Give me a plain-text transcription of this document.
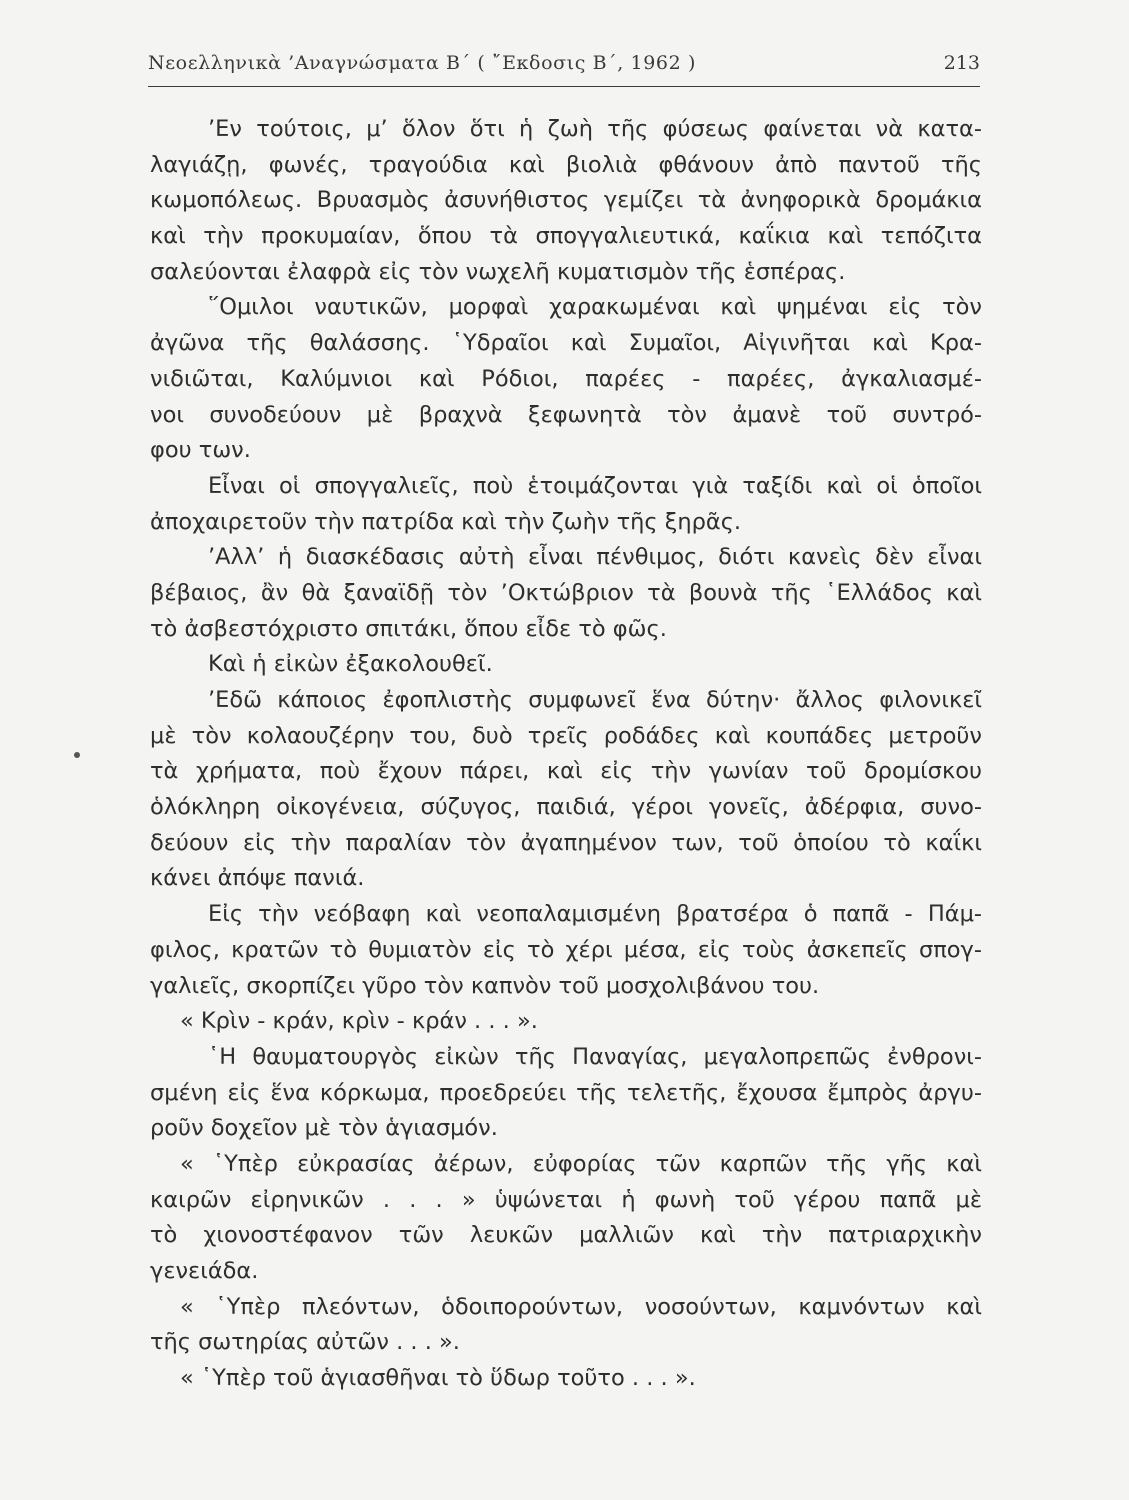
Νεοελληνικὰ ’Αναγνώσματα Β΄ ( ῎Εκδοσις Β΄, 1962 )	213
’Εν τούτοις, μ’ ὅλον ὅτι ἡ ζωὴ τῆς φύσεως φαίνεται νὰ κατα-
λαγιάζῃ, φωνές, τραγούδια καὶ βιολιὰ φθάνουν ἀπὸ παντοῦ τῆς
κωμοπόλεως. Βρυασμὸς ἀσυνήθιστος γεμίζει τὰ ἀνηφορικὰ δρομάκια
καὶ τὴν προκυμαίαν, ὅπου τὰ σπογγαλιευτικά, καΐκια καὶ τεπόζιτα
σαλεύονται ἐλαφρὰ εἰς τὸν νωχελῆ κυματισμὸν τῆς ἑσπέρας.
῞Ομιλοι ναυτικῶν, μορφαὶ χαρακωμέναι καὶ ψημέναι εἰς τὸν
ἀγῶνα τῆς θαλάσσης. ῾Υδραῖοι καὶ Συμαῖοι, Αἰγινῆται καὶ Κρα-
νιδιῶται, Καλύμνιοι καὶ Ρόδιοι, παρέες - παρέες, ἀγκαλιασμέ-
νοι συνοδεύουν μὲ βραχνὰ ξεφωνητὰ τὸν ἀμανὲ τοῦ συντρό-
φου των.
Εἶναι οἱ σπογγαλιεῖς, ποὺ ἑτοιμάζονται γιὰ ταξίδι καὶ οἱ ὁποῖοι
ἀποχαιρετοῦν τὴν πατρίδα καὶ τὴν ζωὴν τῆς ξηρᾶς.
’Αλλ’ ἡ διασκέδασις αὐτὴ εἶναι πένθιμος, διότι κανεὶς δὲν εἶναι
βέβαιος, ἂν θὰ ξαναϊδῇ τὸν ’Οκτώβριον τὰ βουνὰ τῆς ῾Ελλάδος καὶ
τὸ ἀσβεστόχριστο σπιτάκι, ὅπου εἶδε τὸ φῶς.
Καὶ ἡ εἰκὼν ἐξακολουθεῖ.
’Εδῶ κάποιος ἐφοπλιστὴς συμφωνεῖ ἕνα δύτην· ἄλλος φιλονικεῖ
μὲ τὸν κολαουζέρην του, δυὸ τρεῖς ροδάδες καὶ κουπάδες μετροῦν
τὰ χρήματα, ποὺ ἔχουν πάρει, καὶ εἰς τὴν γωνίαν τοῦ δρομίσκου
ὁλόκληρη οἰκογένεια, σύζυγος, παιδιά, γέροι γονεῖς, ἀδέρφια, συνο-
δεύουν εἰς τὴν παραλίαν τὸν ἀγαπημένον των, τοῦ ὁποίου τὸ καΐκι
κάνει ἀπόψε πανιά.
Εἰς τὴν νεόβαφη καὶ νεοπαλαμισμένη βρατσέρα ὁ παπᾶ - Πάμ-
φιλος, κρατῶν τὸ θυμιατὸν εἰς τὸ χέρι μέσα, εἰς τοὺς ἀσκεπεῖς σπογ-
γαλιεῖς, σκορπίζει γῦρο τὸν καπνὸν τοῦ μοσχολιβάνου του.
« Κρὶν - κράν, κρὶν - κράν . . . ».
῾Η θαυματουργὸς εἰκὼν τῆς Παναγίας, μεγαλοπρεπῶς ἐνθρονι-
σμένη εἰς ἕνα κόρκωμα, προεδρεύει τῆς τελετῆς, ἔχουσα ἔμπρὸς ἀργυ-
ροῦν δοχεῖον μὲ τὸν ἁγιασμόν.
« ῾Υπὲρ εὐκρασίας ἀέρων, εὐφορίας τῶν καρπῶν τῆς γῆς καὶ
καιρῶν εἰρηνικῶν . . . » ὑψώνεται ἡ φωνὴ τοῦ γέρου παπᾶ μὲ
τὸ χιονοστέφανον τῶν λευκῶν μαλλιῶν καὶ τὴν πατριαρχικὴν
γενειάδα.
« ῾Υπὲρ πλεόντων, ὁδοιπορούντων, νοσούντων, καμνόντων καὶ
τῆς σωτηρίας αὐτῶν . . . ».
« ῾Υπὲρ τοῦ ἁγιασθῆναι τὸ ὕδωρ τοῦτο . . . ».
